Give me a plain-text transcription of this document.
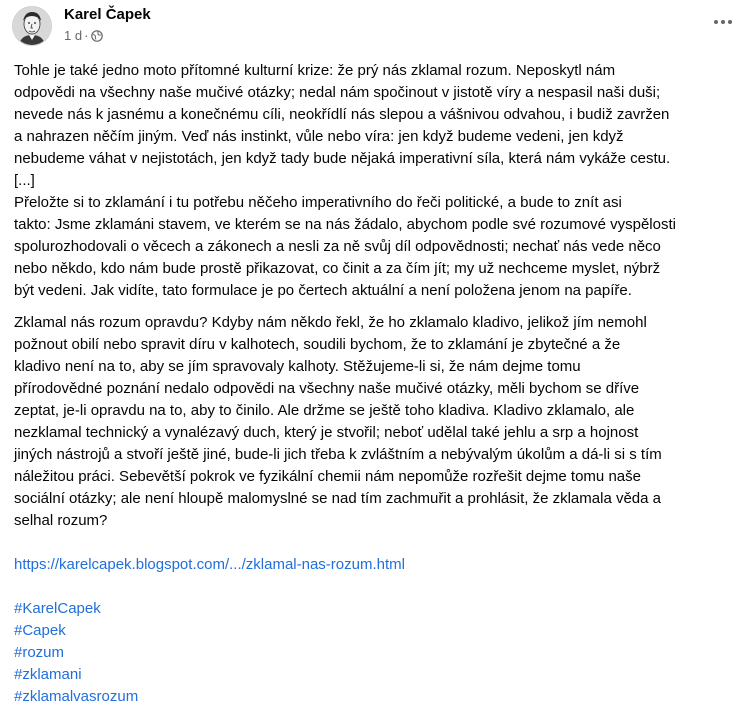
Karel Čapek
1 d ·

Tohle je také jedno moto přítomné kulturní krize: že prý nás zklamal rozum. Neposkytl nám
odpovědi na všechny naše mučivé otázky; nedal nám spočinout v jistotě víry a nespasil naši duši;
nevede nás k jasnému a konečnému cíli, neokřídlí nás slepou a vášnivou odvahou, i budiž zavržen
a nahrazen něčím jiným. Veď nás instinkt, vůle nebo víra: jen když budeme vedeni, jen když
nebudeme váhat v nejistotách, jen když tady bude nějaká imperativní síla, která nám vykáže cestu.
[...]
Přeložte si to zklamání i tu potřebu něčeho imperativního do řeči politické, a bude to znít asi
takto: Jsme zklamáni stavem, ve kterém se na nás žádalo, abychom podle své rozumové vyspělosti
spolurozhodovali o věcech a zákonech a nesli za ně svůj díl odpovědnosti; nechať nás vede něco
nebo někdo, kdo nám bude prostě přikazovat, co činit a za čím jít; my už nechceme myslet, nýbrž
být vedeni. Jak vidíte, tato formulace je po čertech aktuální a není položena jenom na papíře.

Zklamal nás rozum opravdu? Kdyby nám někdo řekl, že ho zklamalo kladivo, jelikož jím nemohl
požnout obilí nebo spravit díru v kalhotech, soudili bychom, že to zklamání je zbytečné a že
kladivo není na to, aby se jím spravovaly kalhoty. Stěžujeme-li si, že nám dejme tomu
přírodovědné poznání nedalo odpovědi na všechny naše mučivé otázky, měli bychom se dříve
zeptat, je-li opravdu na to, aby to činilo. Ale držme se ještě toho kladiva. Kladivo zklamalo, ale
nezklamal technický a vynalézavý duch, který je stvořil; neboť udělal také jehlu a srp a hojnost
jiných nástrojů a stvoří ještě jiné, bude-li jich třeba k zvláštním a nebývalým úkolům a dá-li si s tím
náležitou práci. Sebevětší pokrok ve fyzikální chemii nám nepomůže rozřešit dejme tomu naše
sociální otázky; ale není hloupě malomyslné se nad tím zachmuřit a prohlásit, že zklamala věda a
selhal rozum?

https://karelcapek.blogspot.com/.../zklamal-nas-rozum.html

#KarelCapek
#Capek
#rozum
#zklamani
#zklamalvasrozum
